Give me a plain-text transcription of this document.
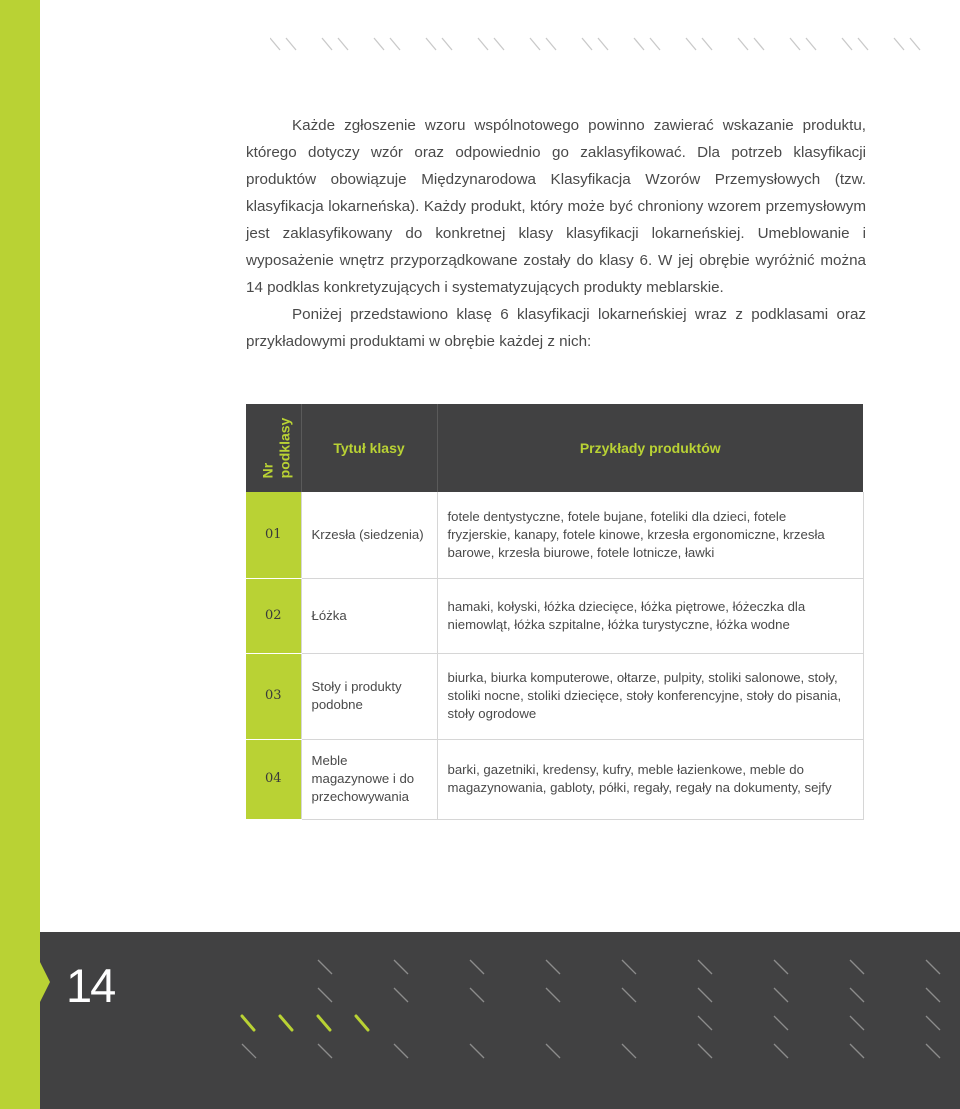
Każde zgłoszenie wzoru wspólnotowego powinno zawierać wskazanie produktu, którego dotyczy wzór oraz odpowiednio go zaklasyfikować. Dla potrzeb klasyfikacji produktów obowiązuje Międzynarodowa Klasyfikacja Wzorów Przemysłowych (tzw. klasyfikacja lokarneńska). Każdy produkt, który może być chroniony wzorem przemysłowym jest zaklasyfikowany do konkretnej klasy klasyfikacji lokarneńskiej. Umeblowanie i wyposażenie wnętrz przyporządkowane zostały do klasy 6. W jej obrębie wyróżnić można 14 podklas konkretyzujących i systematyzujących produkty meblarskie.

Poniżej przedstawiono klasę 6 klasyfikacji lokarneńskiej wraz z podklasami oraz przykładowymi produktami w obrębie każdej z nich:

Nr
podklasy	Tytuł klasy	Przykłady produktów
01	Krzesła (siedzenia)	fotele dentystyczne, fotele bujane, foteliki dla dzieci, fotele fryzjerskie, kanapy, fotele kinowe, krzesła ergonomiczne, krzesła barowe, krzesła biurowe, fotele lotnicze, ławki
02	Łóżka	hamaki, kołyski, łóżka dziecięce, łóżka piętrowe, łóżeczka dla niemowląt, łóżka szpitalne, łóżka turystyczne, łóżka wodne
03	Stoły i produkty podobne	biurka, biurka komputerowe, ołtarze, pulpity, stoliki salonowe, stoły, stoliki nocne, stoliki dziecięce, stoły konferencyjne, stoły do pisania, stoły ogrodowe
04	Meble magazynowe i do przechowywania	barki, gazetniki, kredensy, kufry, meble łazienkowe, meble do magazynowania, gabloty, półki, regały, regały na dokumenty, sejfy
14
